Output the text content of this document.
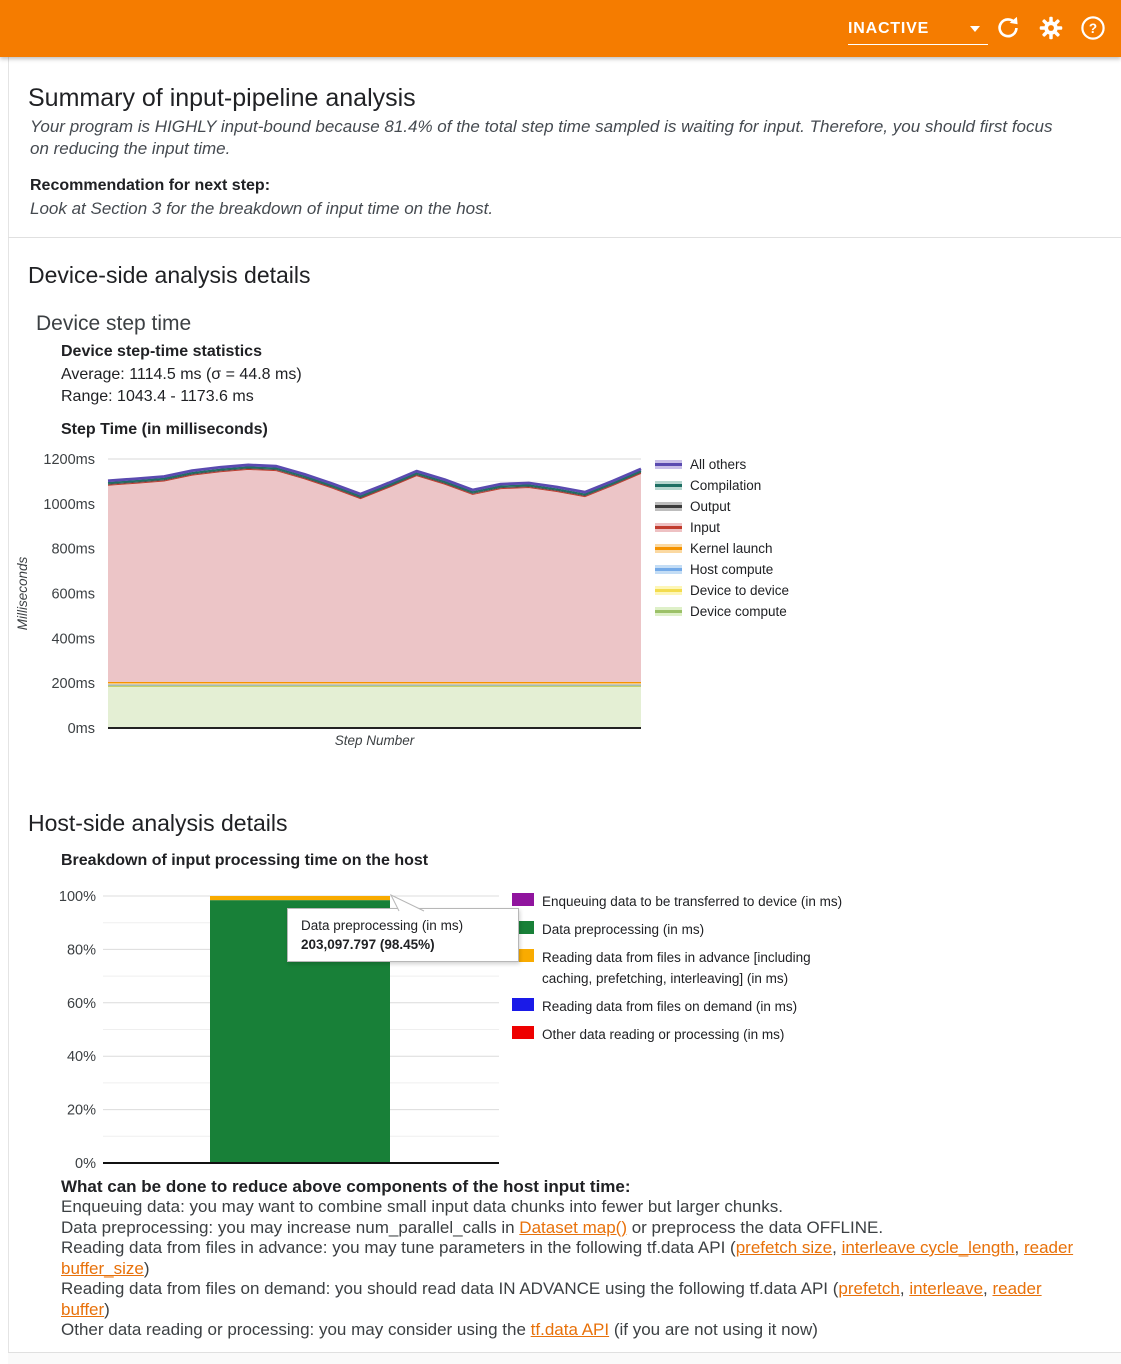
INACTIVE	?
Summary of input-pipeline analysis
Your program is HIGHLY input-bound because 81.4% of the total step time sampled is waiting for input. Therefore, you should first focus on reducing the input time.
Recommendation for next step:
Look at Section 3 for the breakdown of input time on the host.
Device-side analysis details
Device step time
Device step-time statistics
Average: 1114.5 ms (σ = 44.8 ms)
Range: 1043.4 - 1173.6 ms
Step Time (in milliseconds)
0ms
200ms
400ms
600ms
800ms
1000ms
1200ms
Milliseconds
Step Number
All others
Compilation
Output
Input
Kernel launch
Host compute
Device to device
Device compute
Host-side analysis details
Breakdown of input processing time on the host
0%
20%
40%
60%
80%
100%
Data preprocessing (in ms)
203,097.797 (98.45%)
Enqueuing data to be transferred to device (in ms)
Data preprocessing (in ms)
Reading data from files in advance [including
caching, prefetching, interleaving] (in ms)
Reading data from files on demand (in ms)
Other data reading or processing (in ms)
What can be done to reduce above components of the host input time:
Enqueuing data: you may want to combine small input data chunks into fewer but larger chunks.
Data preprocessing: you may increase num_parallel_calls in Dataset map() or preprocess the data OFFLINE.
Reading data from files in advance: you may tune parameters in the following tf.data API (prefetch size, interleave cycle_length, reader buffer_size)
Reading data from files on demand: you should read data IN ADVANCE using the following tf.data API (prefetch, interleave, reader buffer)
Other data reading or processing: you may consider using the tf.data API (if you are not using it now)
